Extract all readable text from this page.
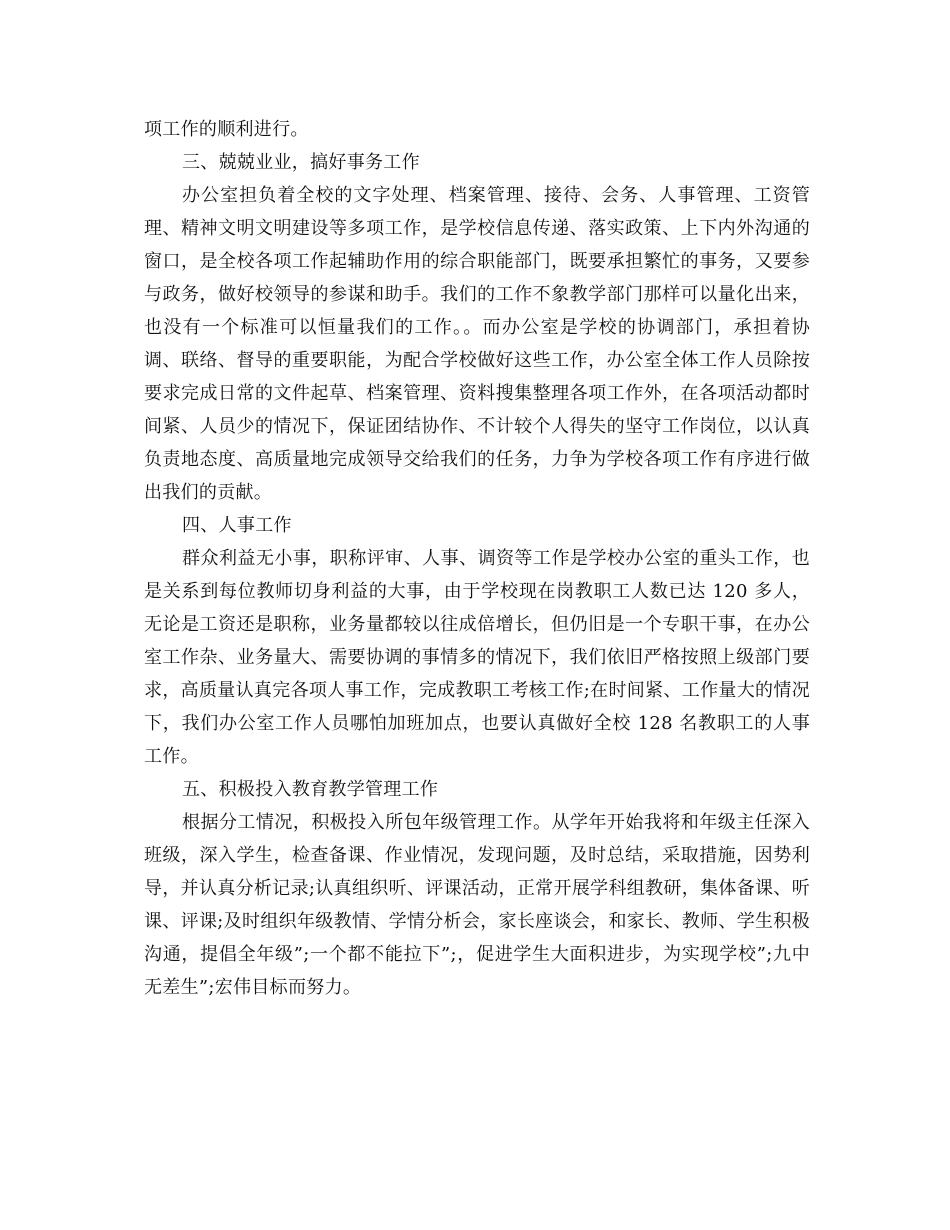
项工作的顺利进行。

三、兢兢业业，搞好事务工作

办公室担负着全校的文字处理、档案管理、接待、会务、人事管理、工资管理、精神文明文明建设等多项工作，是学校信息传递、落实政策、上下内外沟通的窗口，是全校各项工作起辅助作用的综合职能部门，既要承担繁忙的事务，又要参与政务，做好校领导的参谋和助手。我们的工作不象教学部门那样可以量化出来，也没有一个标准可以恒量我们的工作。。而办公室是学校的协调部门，承担着协调、联络、督导的重要职能，为配合学校做好这些工作，办公室全体工作人员除按要求完成日常的文件起草、档案管理、资料搜集整理各项工作外，在各项活动都时间紧、人员少的情况下，保证团结协作、不计较个人得失的坚守工作岗位，以认真负责地态度、高质量地完成领导交给我们的任务，力争为学校各项工作有序进行做出我们的贡献。

四、人事工作

群众利益无小事，职称评审、人事、调资等工作是学校办公室的重头工作，也是关系到每位教师切身利益的大事，由于学校现在岗教职工人数已达 120 多人，无论是工资还是职称，业务量都较以往成倍增长，但仍旧是一个专职干事，在办公室工作杂、业务量大、需要协调的事情多的情况下，我们依旧严格按照上级部门要求，高质量认真完各项人事工作，完成教职工考核工作;在时间紧、工作量大的情况下，我们办公室工作人员哪怕加班加点，也要认真做好全校 128 名教职工的人事工作。

五、积极投入教育教学管理工作

根据分工情况，积极投入所包年级管理工作。从学年开始我将和年级主任深入班级，深入学生，检查备课、作业情况，发现问题，及时总结，采取措施，因势利导，并认真分析记录;认真组织听、评课活动，正常开展学科组教研，集体备课、听课、评课;及时组织年级教情、学情分析会，家长座谈会，和家长、教师、学生积极沟通，提倡全年级”;一个都不能拉下”;，促进学生大面积进步，为实现学校”;九中无差生”;宏伟目标而努力。
